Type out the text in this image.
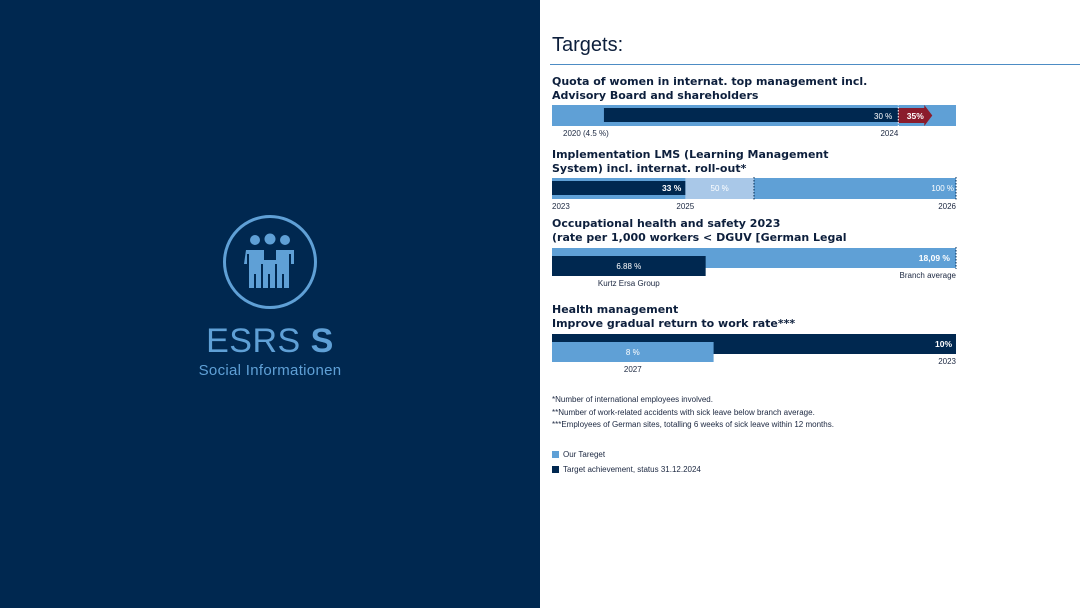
ESRS S
Social Informationen
Targets:
*Number of international employees involved.
**Number of work-related accidents with sick leave below branch average.
***Employees of German sites, totalling 6 weeks of sick leave within 12 months.
Our Tareget
Target achievement, status 31.12.2024
Quota of women in internat. top management incl.
Advisory Board and shareholders
30 % 35%
2020 (4.5 %)	2024
Implementation LMS (Learning Management
System) incl. internat. roll-out*
33 %	50 %	100 %
2023	2025	2026
Occupational health and safety 2023
(rate per 1,000 workers < DGUV [German Legal
18,09 %
6.88 %
Kurtz Ersa Group
Branch average
Health management
Improve gradual return to work rate***
10%
8 %
2027
2023
